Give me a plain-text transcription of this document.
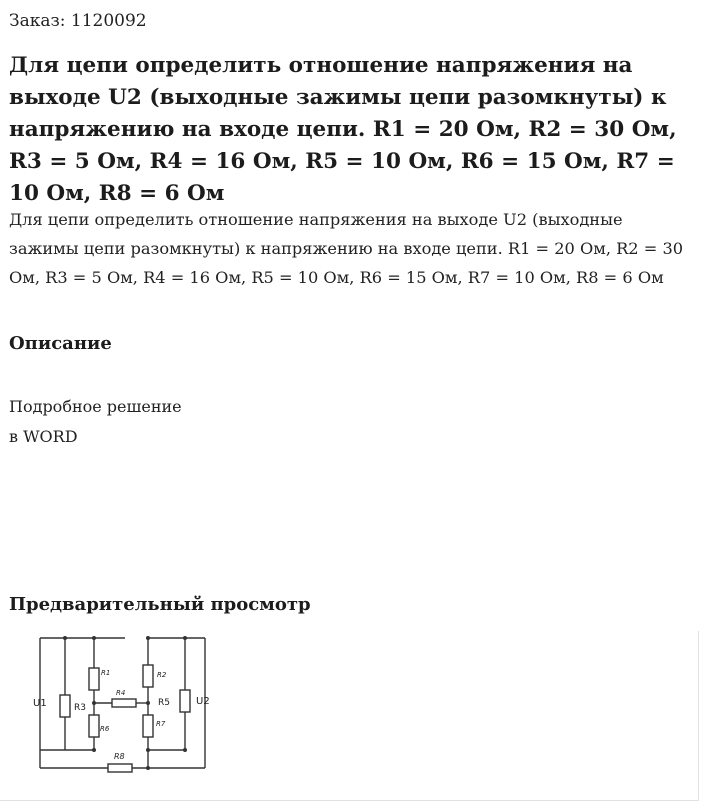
Заказ: 1120092
Для цепи определить отношение напряжения на выходе U2 (выходные зажимы цепи разомкнуты) к напряжению на входе цепи. R1 = 20 Ом, R2 = 30 Ом, R3 = 5 Ом, R4 = 16 Ом, R5 = 10 Ом, R6 = 15 Ом, R7 = 10 Ом, R8 = 6 Ом

Для цепи определить отношение напряжения на выходе U2 (выходные зажимы цепи разомкнуты) к напряжению на входе цепи. R1 = 20 Ом, R2 = 30 Ом, R3 = 5 Ом, R4 = 16 Ом, R5 = 10 Ом, R6 = 15 Ом, R7 = 10 Ом, R8 = 6 Ом

Описание
Подробное решение
в WORD
Предварительный просмотр
U1	U2
R1	R2
R3
R4
R5
R6
R7
R8
